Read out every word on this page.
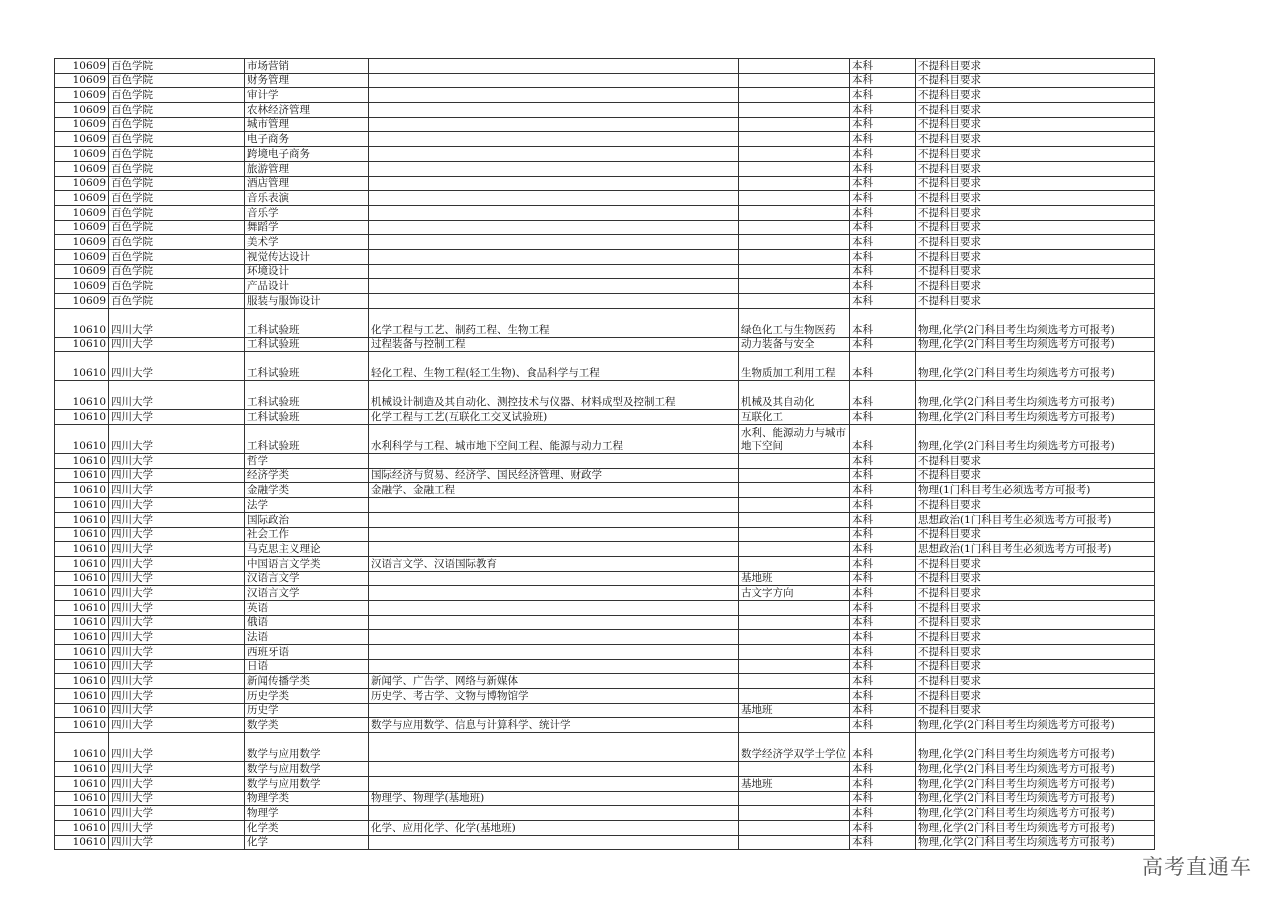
10609	百色学院	市场营销			本科	不提科目要求
10609	百色学院	财务管理			本科	不提科目要求
10609	百色学院	审计学			本科	不提科目要求
10609	百色学院	农林经济管理			本科	不提科目要求
10609	百色学院	城市管理			本科	不提科目要求
10609	百色学院	电子商务			本科	不提科目要求
10609	百色学院	跨境电子商务			本科	不提科目要求
10609	百色学院	旅游管理			本科	不提科目要求
10609	百色学院	酒店管理			本科	不提科目要求
10609	百色学院	音乐表演			本科	不提科目要求
10609	百色学院	音乐学			本科	不提科目要求
10609	百色学院	舞蹈学			本科	不提科目要求
10609	百色学院	美术学			本科	不提科目要求
10609	百色学院	视觉传达设计			本科	不提科目要求
10609	百色学院	环境设计			本科	不提科目要求
10609	百色学院	产品设计			本科	不提科目要求
10609	百色学院	服装与服饰设计			本科	不提科目要求
10610	四川大学	工科试验班	化学工程与工艺、制药工程、生物工程	绿色化工与生物医药	本科	物理,化学(2门科目考生均须选考方可报考)
10610	四川大学	工科试验班	过程装备与控制工程	动力装备与安全	本科	物理,化学(2门科目考生均须选考方可报考)
10610	四川大学	工科试验班	轻化工程、生物工程(轻工生物)、食品科学与工程	生物质加工利用工程	本科	物理,化学(2门科目考生均须选考方可报考)
10610	四川大学	工科试验班	机械设计制造及其自动化、测控技术与仪器、材料成型及控制工程	机械及其自动化	本科	物理,化学(2门科目考生均须选考方可报考)
10610	四川大学	工科试验班	化学工程与工艺(互联化工交叉试验班)	互联化工	本科	物理,化学(2门科目考生均须选考方可报考)
10610	四川大学	工科试验班	水利科学与工程、城市地下空间工程、能源与动力工程	水利、能源动力与城市地下空间	本科	物理,化学(2门科目考生均须选考方可报考)
10610	四川大学	哲学			本科	不提科目要求
10610	四川大学	经济学类	国际经济与贸易、经济学、国民经济管理、财政学		本科	不提科目要求
10610	四川大学	金融学类	金融学、金融工程		本科	物理(1门科目考生必须选考方可报考)
10610	四川大学	法学			本科	不提科目要求
10610	四川大学	国际政治			本科	思想政治(1门科目考生必须选考方可报考)
10610	四川大学	社会工作			本科	不提科目要求
10610	四川大学	马克思主义理论			本科	思想政治(1门科目考生必须选考方可报考)
10610	四川大学	中国语言文学类	汉语言文学、汉语国际教育		本科	不提科目要求
10610	四川大学	汉语言文学		基地班	本科	不提科目要求
10610	四川大学	汉语言文学		古文字方向	本科	不提科目要求
10610	四川大学	英语			本科	不提科目要求
10610	四川大学	俄语			本科	不提科目要求
10610	四川大学	法语			本科	不提科目要求
10610	四川大学	西班牙语			本科	不提科目要求
10610	四川大学	日语			本科	不提科目要求
10610	四川大学	新闻传播学类	新闻学、广告学、网络与新媒体		本科	不提科目要求
10610	四川大学	历史学类	历史学、考古学、文物与博物馆学		本科	不提科目要求
10610	四川大学	历史学		基地班	本科	不提科目要求
10610	四川大学	数学类	数学与应用数学、信息与计算科学、统计学		本科	物理,化学(2门科目考生均须选考方可报考)
10610	四川大学	数学与应用数学		数学经济学双学士学位	本科	物理,化学(2门科目考生均须选考方可报考)
10610	四川大学	数学与应用数学			本科	物理,化学(2门科目考生均须选考方可报考)
10610	四川大学	数学与应用数学		基地班	本科	物理,化学(2门科目考生均须选考方可报考)
10610	四川大学	物理学类	物理学、物理学(基地班)		本科	物理,化学(2门科目考生均须选考方可报考)
10610	四川大学	物理学			本科	物理,化学(2门科目考生均须选考方可报考)
10610	四川大学	化学类	化学、应用化学、化学(基地班)		本科	物理,化学(2门科目考生均须选考方可报考)
10610	四川大学	化学			本科	物理,化学(2门科目考生均须选考方可报考)
高考直通车
